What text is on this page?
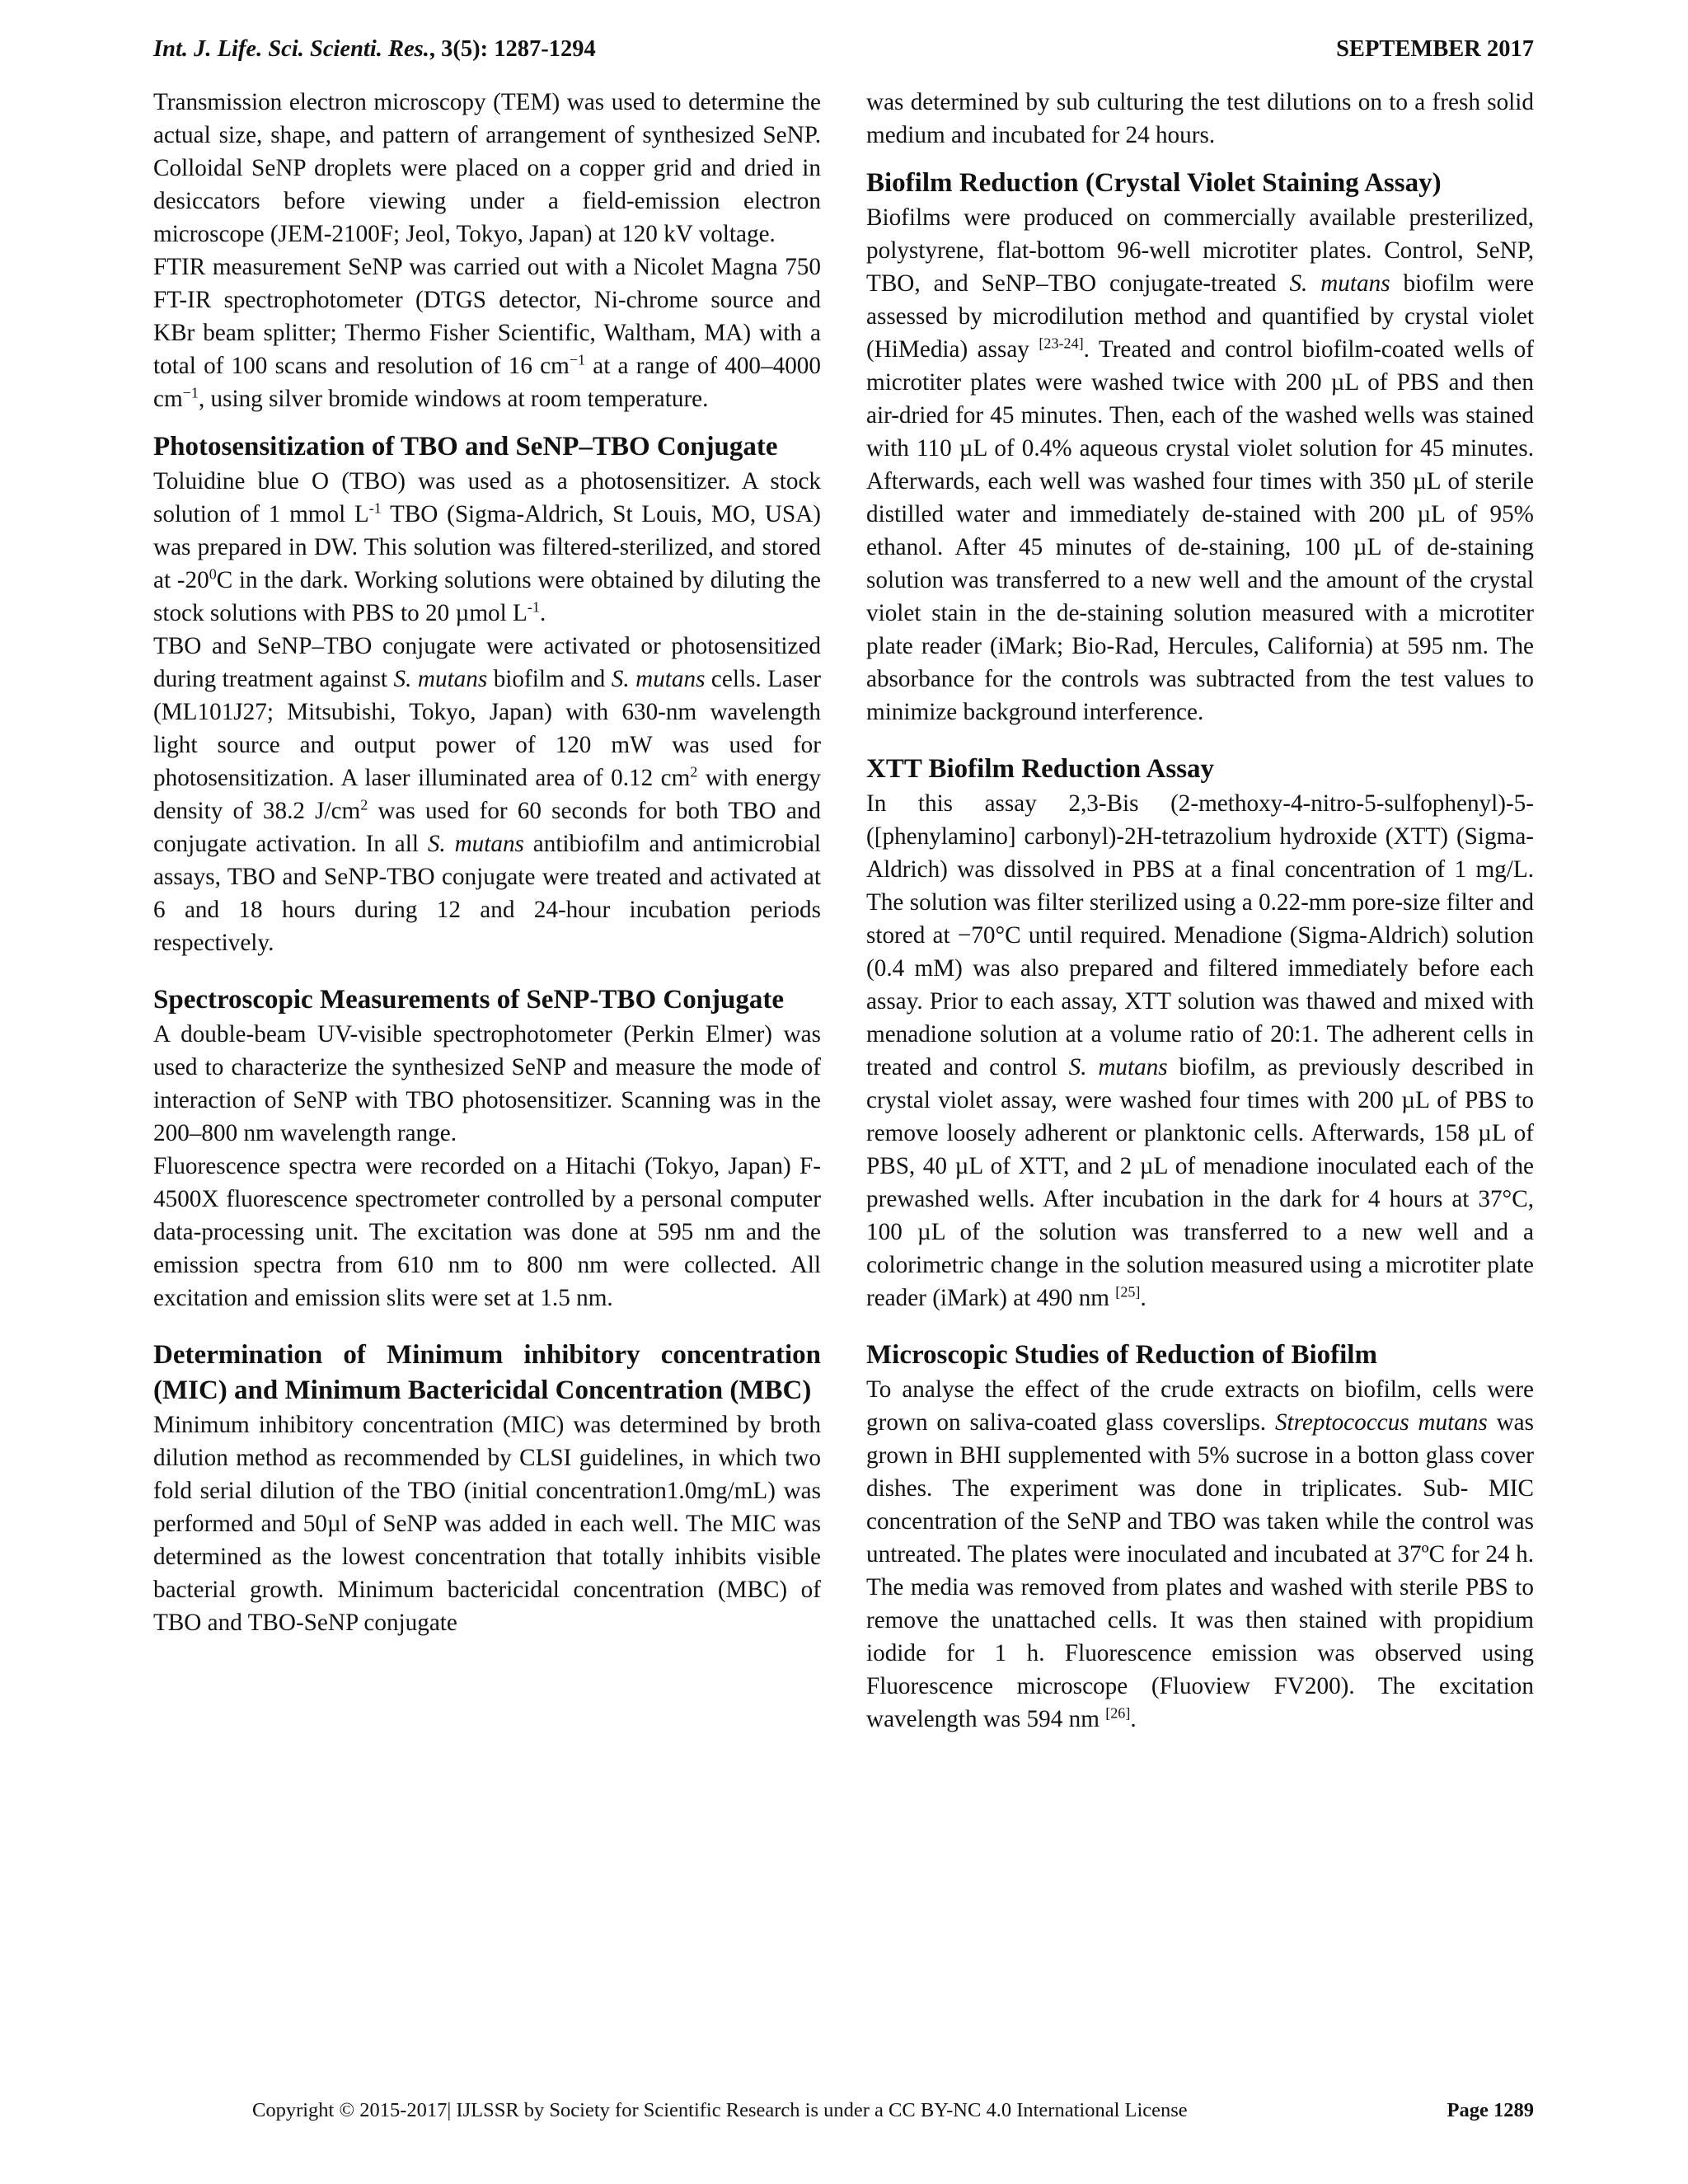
Int. J. Life. Sci. Scienti. Res., 3(5): 1287-1294	SEPTEMBER 2017

Transmission electron microscopy (TEM) was used to determine the actual size, shape, and pattern of arrangement of synthesized SeNP. Colloidal SeNP droplets were placed on a copper grid and dried in desiccators before viewing under a field-emission electron microscope (JEM-2100F; Jeol, Tokyo, Japan) at 120 kV voltage.

FTIR measurement SeNP was carried out with a Nicolet Magna 750 FT-IR spectrophotometer (DTGS detector, Ni-chrome source and KBr beam splitter; Thermo Fisher Scientific, Waltham, MA) with a total of 100 scans and resolution of 16 $cm^{-1}$ at a range of 400–4000 $cm^{-1}$, using silver bromide windows at room temperature.

Photosensitization of TBO and SeNP–TBO Conjugate

Toluidine blue O (TBO) was used as a photosensitizer. A stock solution of 1 mmol $L^{-1}$ TBO (Sigma-Aldrich, St Louis, MO, USA) was prepared in DW. This solution was filtered-sterilized, and stored at $-20^0C$ in the dark. Working solutions were obtained by diluting the stock solutions with PBS to 20 µmol $L^{-1}$.

TBO and SeNP–TBO conjugate were activated or photosensitized during treatment against S. mutans biofilm and S. mutans cells. Laser (ML101J27; Mitsubishi, Tokyo, Japan) with 630-nm wavelength light source and output power of 120 mW was used for photosensitization. A laser illuminated area of 0.12 $cm^2$ with energy density of 38.2 $J/cm^2$ was used for 60 seconds for both TBO and conjugate activation. In all S. mutans antibiofilm and antimicrobial assays, TBO and SeNP-TBO conjugate were treated and activated at 6 and 18 hours during 12 and 24-hour incubation periods respectively.

Spectroscopic Measurements of SeNP-TBO Conjugate

A double-beam UV-visible spectrophotometer (Perkin Elmer) was used to characterize the synthesized SeNP and measure the mode of interaction of SeNP with TBO photosensitizer. Scanning was in the 200–800 nm wavelength range.

Fluorescence spectra were recorded on a Hitachi (Tokyo, Japan) F-4500X fluorescence spectrometer controlled by a personal computer data-processing unit. The excitation was done at 595 nm and the emission spectra from 610 nm to 800 nm were collected. All excitation and emission slits were set at 1.5 nm.

Determination of Minimum inhibitory concentration (MIC) and Minimum Bactericidal Concentration (MBC)

Minimum inhibitory concentration (MIC) was determined by broth dilution method as recommended by CLSI guidelines, in which two fold serial dilution of the TBO (initial concentration1.0mg/mL) was performed and 50µl of SeNP was added in each well. The MIC was determined as the lowest concentration that totally inhibits visible bacterial growth. Minimum bactericidal concentration (MBC) of TBO and TBO-SeNP conjugate

was determined by sub culturing the test dilutions on to a fresh solid medium and incubated for 24 hours.

Biofilm Reduction (Crystal Violet Staining Assay)

Biofilms were produced on commercially available presterilized, polystyrene, flat-bottom 96-well microtiter plates. Control, SeNP, TBO, and SeNP–TBO conjugate-treated S. mutans biofilm were assessed by microdilution method and quantified by crystal violet (HiMedia) assay [23-24]. Treated and control biofilm-coated wells of microtiter plates were washed twice with 200 µL of PBS and then air-dried for 45 minutes. Then, each of the washed wells was stained with 110 µL of 0.4% aqueous crystal violet solution for 45 minutes. Afterwards, each well was washed four times with 350 µL of sterile distilled water and immediately de-stained with 200 µL of 95% ethanol. After 45 minutes of de-staining, 100 µL of de-staining solution was transferred to a new well and the amount of the crystal violet stain in the de-staining solution measured with a microtiter plate reader (iMark; Bio-Rad, Hercules, California) at 595 nm. The absorbance for the controls was subtracted from the test values to minimize background interference.

XTT Biofilm Reduction Assay

In this assay 2,3-Bis (2-methoxy-4-nitro-5-sulfophenyl)-5-([phenylamino] carbonyl)-2H-tetrazolium hydroxide (XTT) (Sigma-Aldrich) was dissolved in PBS at a final concentration of 1 mg/L. The solution was filter sterilized using a 0.22-mm pore-size filter and stored at −70°C until required. Menadione (Sigma-Aldrich) solution (0.4 mM) was also prepared and filtered immediately before each assay. Prior to each assay, XTT solution was thawed and mixed with menadione solution at a volume ratio of 20:1. The adherent cells in treated and control S. mutans biofilm, as previously described in crystal violet assay, were washed four times with 200 µL of PBS to remove loosely adherent or planktonic cells. Afterwards, 158 µL of PBS, 40 µL of XTT, and 2 µL of menadione inoculated each of the prewashed wells. After incubation in the dark for 4 hours at 37°C, 100 µL of the solution was transferred to a new well and a colorimetric change in the solution measured using a microtiter plate reader (iMark) at 490 nm [25].

Microscopic Studies of Reduction of Biofilm

To analyse the effect of the crude extracts on biofilm, cells were grown on saliva-coated glass coverslips. Streptococcus mutans was grown in BHI supplemented with 5% sucrose in a botton glass cover dishes. The experiment was done in triplicates. Sub- MIC concentration of the SeNP and TBO was taken while the control was untreated. The plates were inoculated and incubated at 37ºC for 24 h. The media was removed from plates and washed with sterile PBS to remove the unattached cells. It was then stained with propidium iodide for 1 h. Fluorescence emission was observed using Fluorescence microscope (Fluoview FV200). The excitation wavelength was 594 nm [26].

Copyright © 2015-2017| IJLSSR by Society for Scientific Research is under a CC BY-NC 4.0 International License	Page 1289
